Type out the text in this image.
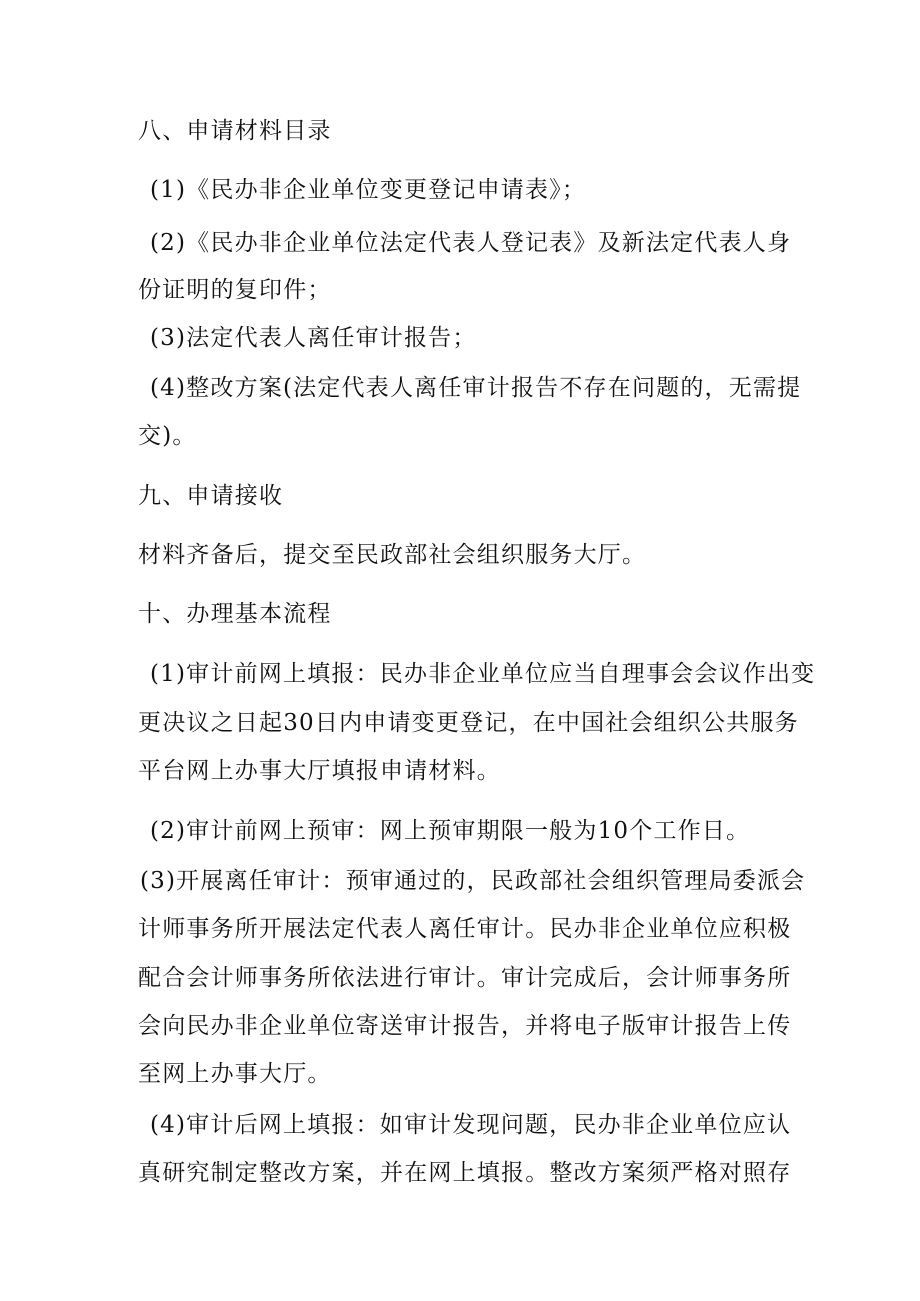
八、申请材料目录
(1)《民办非企业单位变更登记申请表》；
(2)《民办非企业单位法定代表人登记表》及新法定代表人身
份证明的复印件；
(3)法定代表人离任审计报告；
(4)整改方案(法定代表人离任审计报告不存在问题的，无需提
交)。
九、申请接收
材料齐备后，提交至民政部社会组织服务大厅。
十、办理基本流程
(1)审计前网上填报：民办非企业单位应当自理事会会议作出变
更决议之日起30日内申请变更登记，在中国社会组织公共服务
平台网上办事大厅填报申请材料。
(2)审计前网上预审：网上预审期限一般为10个工作日。
(3)开展离任审计：预审通过的，民政部社会组织管理局委派会
计师事务所开展法定代表人离任审计。民办非企业单位应积极
配合会计师事务所依法进行审计。审计完成后，会计师事务所
会向民办非企业单位寄送审计报告，并将电子版审计报告上传
至网上办事大厅。
(4)审计后网上填报：如审计发现问题，民办非企业单位应认
真研究制定整改方案，并在网上填报。整改方案须严格对照存
